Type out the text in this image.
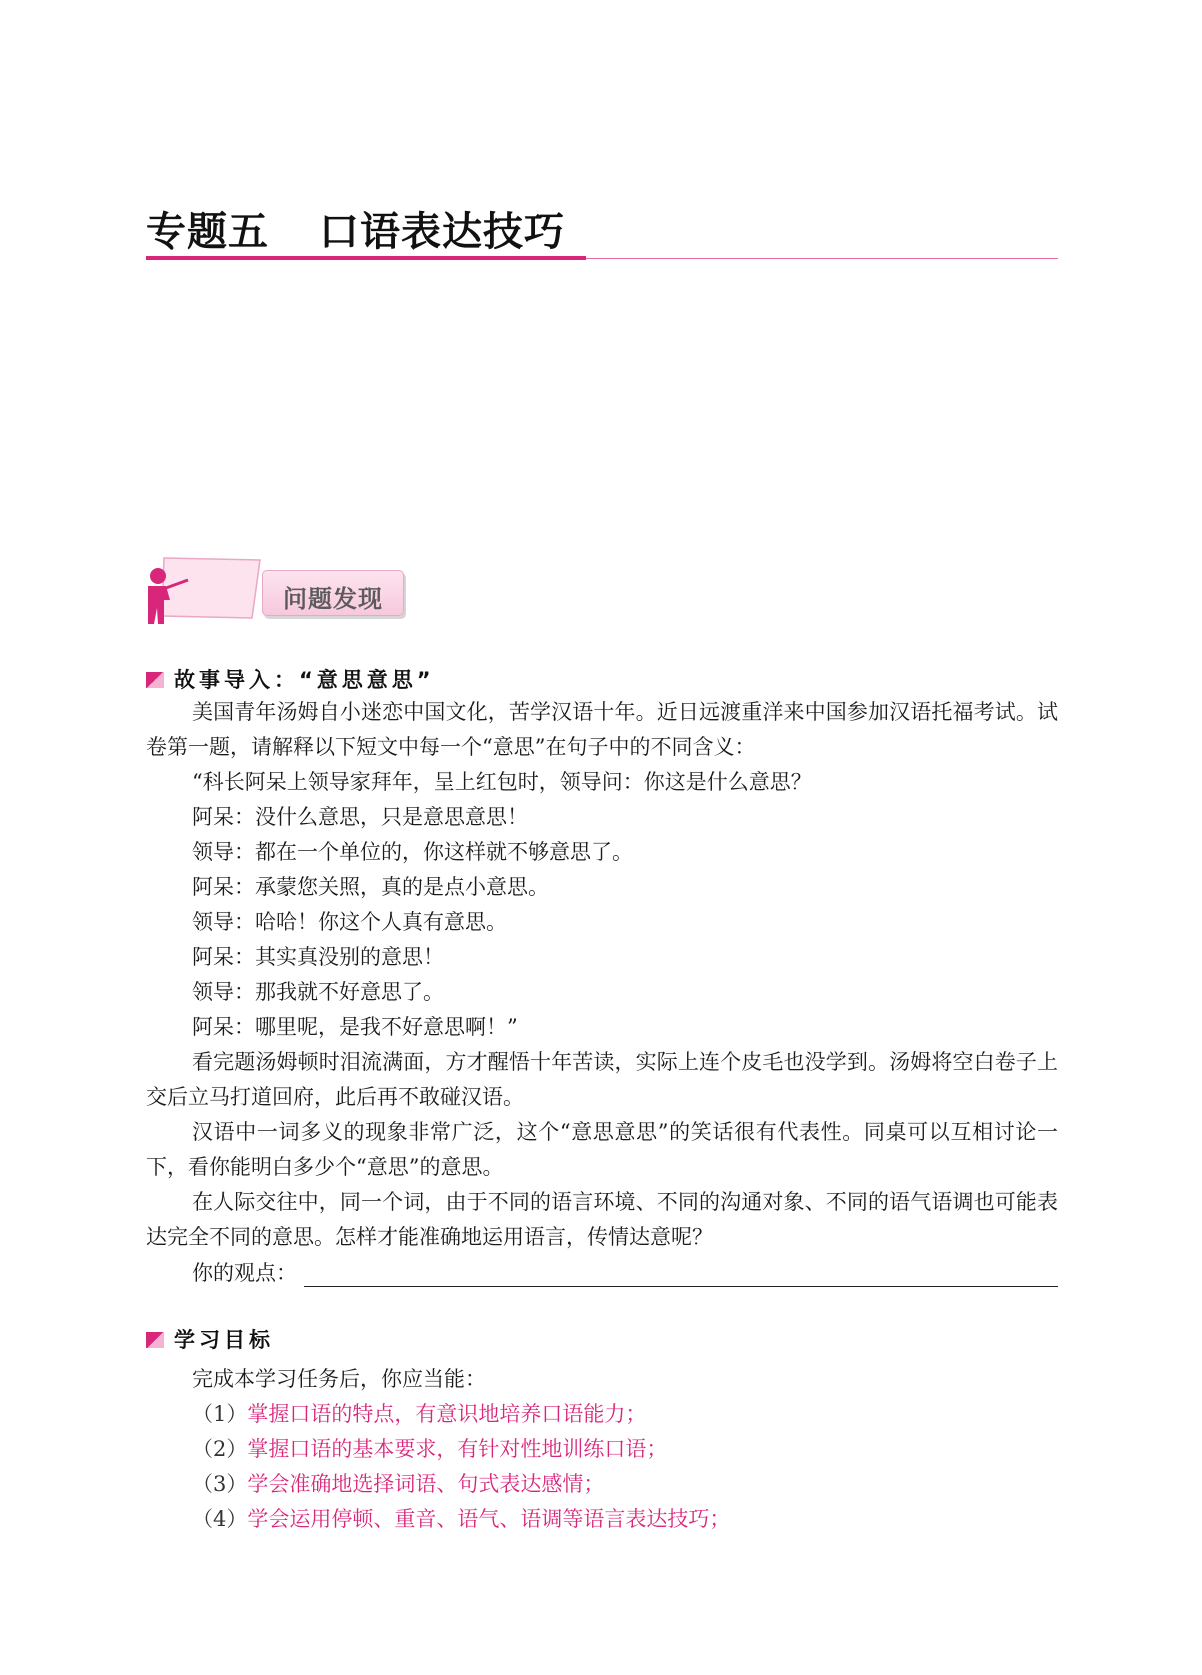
专题五 口语表达技巧
问题发现
故事导入：“意思意思”

美国青年汤姆自小迷恋中国文化，苦学汉语十年。近日远渡重洋来中国参加汉语托福考试。试卷第一题，请解释以下短文中每一个“意思”在句子中的不同含义：

“科长阿呆上领导家拜年，呈上红包时，领导问：你这是什么意思？

阿呆：没什么意思，只是意思意思！

领导：都在一个单位的，你这样就不够意思了。

阿呆：承蒙您关照，真的是点小意思。

领导：哈哈！你这个人真有意思。

阿呆：其实真没别的意思！

领导：那我就不好意思了。

阿呆：哪里呢，是我不好意思啊！”

看完题汤姆顿时泪流满面，方才醒悟十年苦读，实际上连个皮毛也没学到。汤姆将空白卷子上交后立马打道回府，此后再不敢碰汉语。

汉语中一词多义的现象非常广泛，这个“意思意思”的笑话很有代表性。同桌可以互相讨论一下，看你能明白多少个“意思”的意思。

在人际交往中，同一个词，由于不同的语言环境、不同的沟通对象、不同的语气语调也可能表达完全不同的意思。怎样才能准确地运用语言，传情达意呢？

你的观点：
学习目标
完成本学习任务后，你应当能：
（1）掌握口语的特点，有意识地培养口语能力；
（2）掌握口语的基本要求，有针对性地训练口语；
（3）学会准确地选择词语、句式表达感情；
（4）学会运用停顿、重音、语气、语调等语言表达技巧；
